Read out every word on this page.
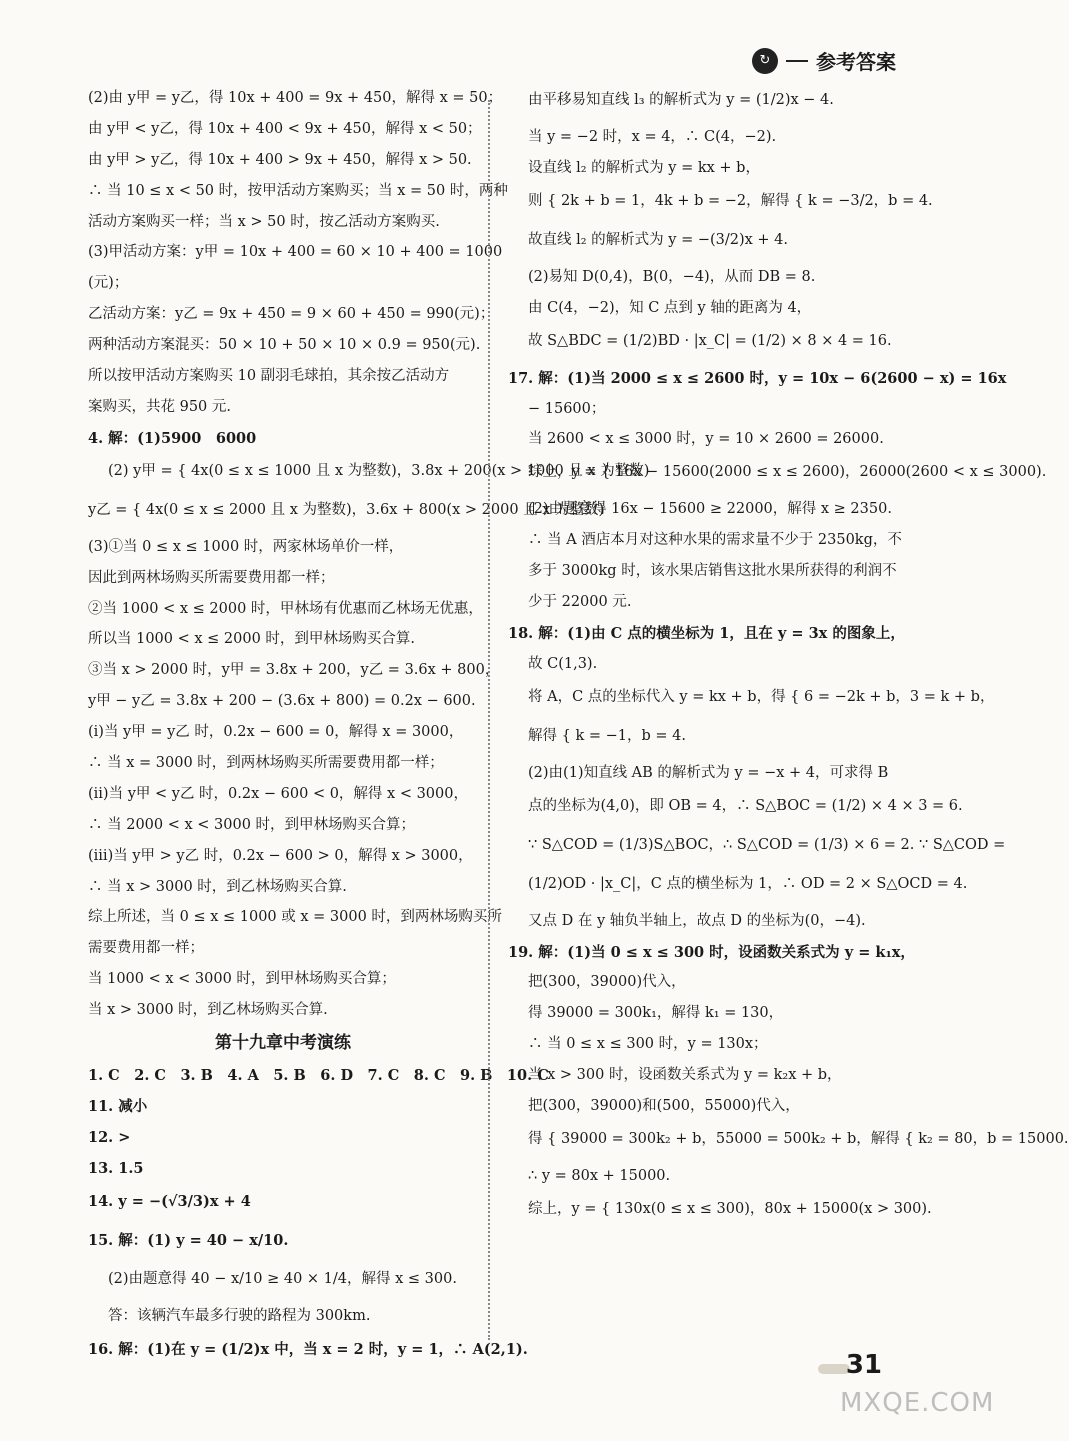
↻	参考答案
(2)由 y甲 = y乙，得 10x + 400 = 9x + 450，解得 x = 50；
由 y甲 < y乙，得 10x + 400 < 9x + 450，解得 x < 50；
由 y甲 > y乙，得 10x + 400 > 9x + 450，解得 x > 50.
∴ 当 10 ≤ x < 50 时，按甲活动方案购买；当 x = 50 时，两种
活动方案购买一样；当 x > 50 时，按乙活动方案购买.
(3)甲活动方案：y甲 = 10x + 400 = 60 × 10 + 400 = 1000
(元)；
乙活动方案：y乙 = 9x + 450 = 9 × 60 + 450 = 990(元)；
两种活动方案混买：50 × 10 + 50 × 10 × 0.9 = 950(元).
所以按甲活动方案购买 10 副羽毛球拍，其余按乙活动方
案购买，共花 950 元.
4. 解：(1)5900　6000
(2) y甲 = { 4x(0 ≤ x ≤ 1000 且 x 为整数)，3.8x + 200(x > 1000 且 x 为整数)
y乙 = { 4x(0 ≤ x ≤ 2000 且 x 为整数)，3.6x + 800(x > 2000 且 x 为整数)
(3)①当 0 ≤ x ≤ 1000 时，两家林场单价一样，
因此到两林场购买所需要费用都一样；
②当 1000 < x ≤ 2000 时，甲林场有优惠而乙林场无优惠，
所以当 1000 < x ≤ 2000 时，到甲林场购买合算.
③当 x > 2000 时，y甲 = 3.8x + 200，y乙 = 3.6x + 800，
y甲 − y乙 = 3.8x + 200 − (3.6x + 800) = 0.2x − 600.
(ⅰ)当 y甲 = y乙 时，0.2x − 600 = 0，解得 x = 3000，
∴ 当 x = 3000 时，到两林场购买所需要费用都一样；
(ⅱ)当 y甲 < y乙 时，0.2x − 600 < 0，解得 x < 3000，
∴ 当 2000 < x < 3000 时，到甲林场购买合算；
(ⅲ)当 y甲 > y乙 时，0.2x − 600 > 0，解得 x > 3000，
∴ 当 x > 3000 时，到乙林场购买合算.
综上所述，当 0 ≤ x ≤ 1000 或 x = 3000 时，到两林场购买所
需要费用都一样；
当 1000 < x < 3000 时，到甲林场购买合算；
当 x > 3000 时，到乙林场购买合算.
第十九章中考演练
1. C　2. C　3. B　4. A　5. B　6. D　7. C　8. C　9. B　10. C
11. 减小
12. >
13. 1.5
14. y = −(√3/3)x + 4
15. 解：(1) y = 40 − x/10.
(2)由题意得 40 − x/10 ≥ 40 × 1/4，解得 x ≤ 300.
答：该辆汽车最多行驶的路程为 300km.
16. 解：(1)在 y = (1/2)x 中，当 x = 2 时，y = 1，∴ A(2,1).
由平移易知直线 l₃ 的解析式为 y = (1/2)x − 4.
当 y = −2 时，x = 4，∴ C(4，−2).
设直线 l₂ 的解析式为 y = kx + b，
则 { 2k + b = 1，4k + b = −2，解得 { k = −3/2，b = 4.
故直线 l₂ 的解析式为 y = −(3/2)x + 4.
(2)易知 D(0,4)，B(0，−4)，从而 DB = 8.
由 C(4，−2)，知 C 点到 y 轴的距离为 4，
故 S△BDC = (1/2)BD · |x_C| = (1/2) × 8 × 4 = 16.
17. 解：(1)当 2000 ≤ x ≤ 2600 时，y = 10x − 6(2600 − x) = 16x
− 15600；
当 2600 < x ≤ 3000 时，y = 10 × 2600 = 26000.
综上，y = { 16x − 15600(2000 ≤ x ≤ 2600)，26000(2600 < x ≤ 3000).
(2)由题意得 16x − 15600 ≥ 22000，解得 x ≥ 2350.
∴ 当 A 酒店本月对这种水果的需求量不少于 2350kg，不
多于 3000kg 时，该水果店销售这批水果所获得的利润不
少于 22000 元.
18. 解：(1)由 C 点的横坐标为 1，且在 y = 3x 的图象上，
故 C(1,3).
将 A，C 点的坐标代入 y = kx + b，得 { 6 = −2k + b，3 = k + b，
解得 { k = −1，b = 4.
(2)由(1)知直线 AB 的解析式为 y = −x + 4，可求得 B
点的坐标为(4,0)，即 OB = 4，∴ S△BOC = (1/2) × 4 × 3 = 6.
∵ S△COD = (1/3)S△BOC，∴ S△COD = (1/3) × 6 = 2. ∵ S△COD =
(1/2)OD · |x_C|，C 点的横坐标为 1，∴ OD = 2 × S△OCD = 4.
又点 D 在 y 轴负半轴上，故点 D 的坐标为(0，−4).
19. 解：(1)当 0 ≤ x ≤ 300 时，设函数关系式为 y = k₁x，
把(300，39000)代入，
得 39000 = 300k₁，解得 k₁ = 130，
∴ 当 0 ≤ x ≤ 300 时，y = 130x；
当 x > 300 时，设函数关系式为 y = k₂x + b，
把(300，39000)和(500，55000)代入，
得 { 39000 = 300k₂ + b，55000 = 500k₂ + b，解得 { k₂ = 80，b = 15000.
∴ y = 80x + 15000.
综上，y = { 130x(0 ≤ x ≤ 300)，80x + 15000(x > 300).
31
MXQE.COM
